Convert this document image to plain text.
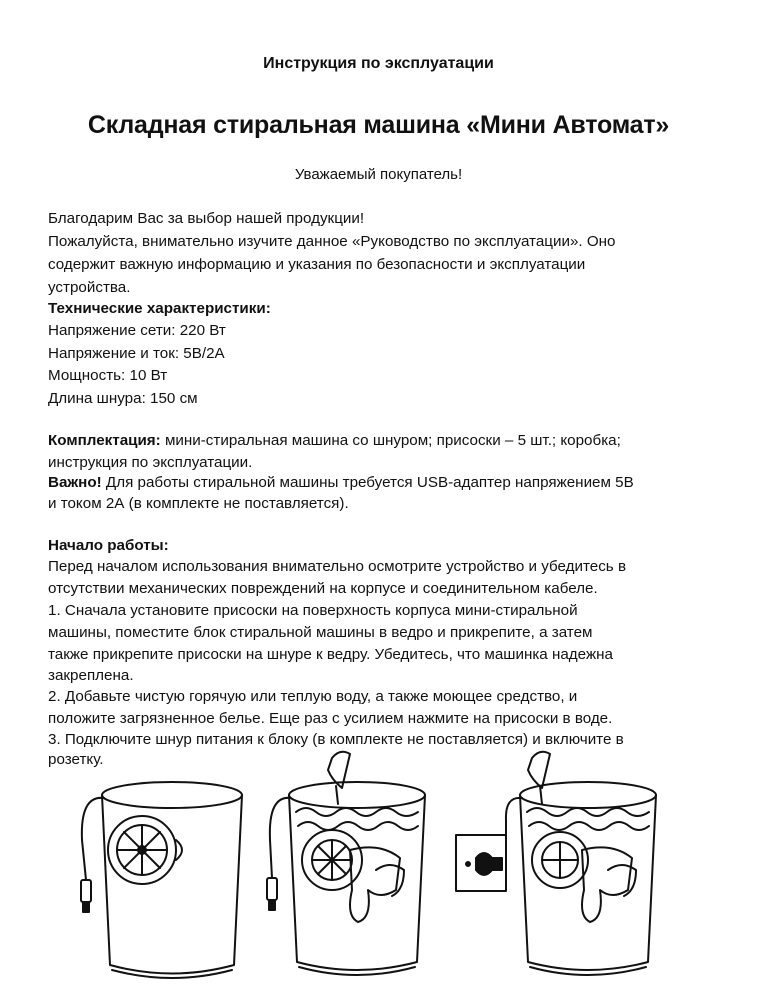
Инструкция по эксплуатации
Складная стиральная машина «Мини Автомат»
Уважаемый покупатель!
Благодарим Вас за выбор нашей продукции!
Пожалуйста, внимательно изучите данное «Руководство по эксплуатации». Оно
содержит важную информацию и указания по безопасности и эксплуатации
устройства.
Технические характеристики:
Напряжение сети: 220 Вт
Напряжение и ток: 5В/2А
Мощность: 10 Вт
Длина шнура: 150 см
Комплектация: мини-стиральная машина со шнуром; присоски – 5 шт.; коробка;
инструкция по эксплуатации.
Важно! Для работы стиральной машины требуется USB-адаптер напряжением 5В
и током 2А (в комплекте не поставляется).
Начало работы:
Перед началом использования внимательно осмотрите устройство и убедитесь в
отсутствии механических повреждений на корпусе и соединительном кабеле.
1. Сначала установите присоски на поверхность корпуса мини-стиральной
машины, поместите блок стиральной машины в ведро и прикрепите, а затем
также прикрепите присоски на шнуре к ведру. Убедитесь, что машинка надежна
закреплена.
2. Добавьте чистую горячую или теплую воду, а также моющее средство, и
положите загрязненное белье. Еще раз с усилием нажмите на присоски в воде.
3. Подключите шнур питания к блоку (в комплекте не поставляется) и включите в
розетку.
